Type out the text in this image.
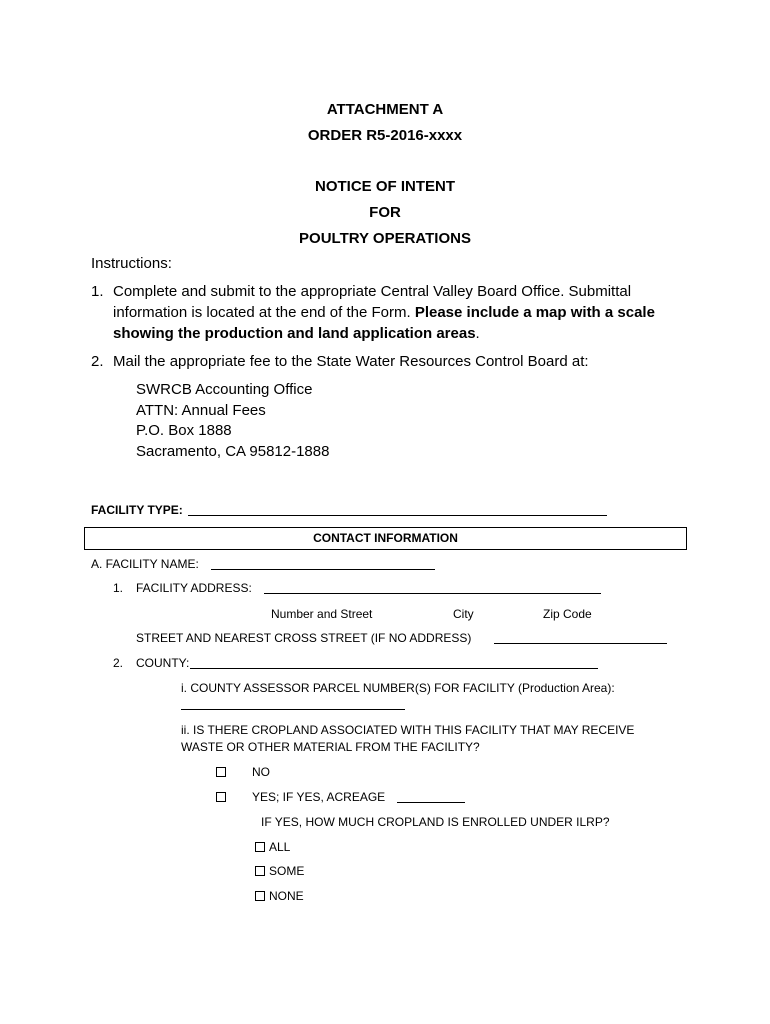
ATTACHMENT A
ORDER R5-2016-xxxx
NOTICE OF INTENT
FOR
POULTRY OPERATIONS
Instructions:
1. Complete and submit to the appropriate Central Valley Board Office. Submittal
information is located at the end of the Form. Please include a map with a scale
showing the production and land application areas.
2. Mail the appropriate fee to the State Water Resources Control Board at:
SWRCB Accounting Office
ATTN: Annual Fees
P.O. Box 1888
Sacramento, CA 95812-1888
FACILITY TYPE:
CONTACT INFORMATION
A. FACILITY NAME:
1. FACILITY ADDRESS:
Number and Street	City	Zip Code
STREET AND NEAREST CROSS STREET (IF NO ADDRESS)
2. COUNTY:
i. COUNTY ASSESSOR PARCEL NUMBER(S) FOR FACILITY (Production Area):
ii. IS THERE CROPLAND ASSOCIATED WITH THIS FACILITY THAT MAY RECEIVE
WASTE OR OTHER MATERIAL FROM THE FACILITY?
NO
YES; IF YES, ACREAGE
IF YES, HOW MUCH CROPLAND IS ENROLLED UNDER ILRP?
ALL
SOME
NONE
